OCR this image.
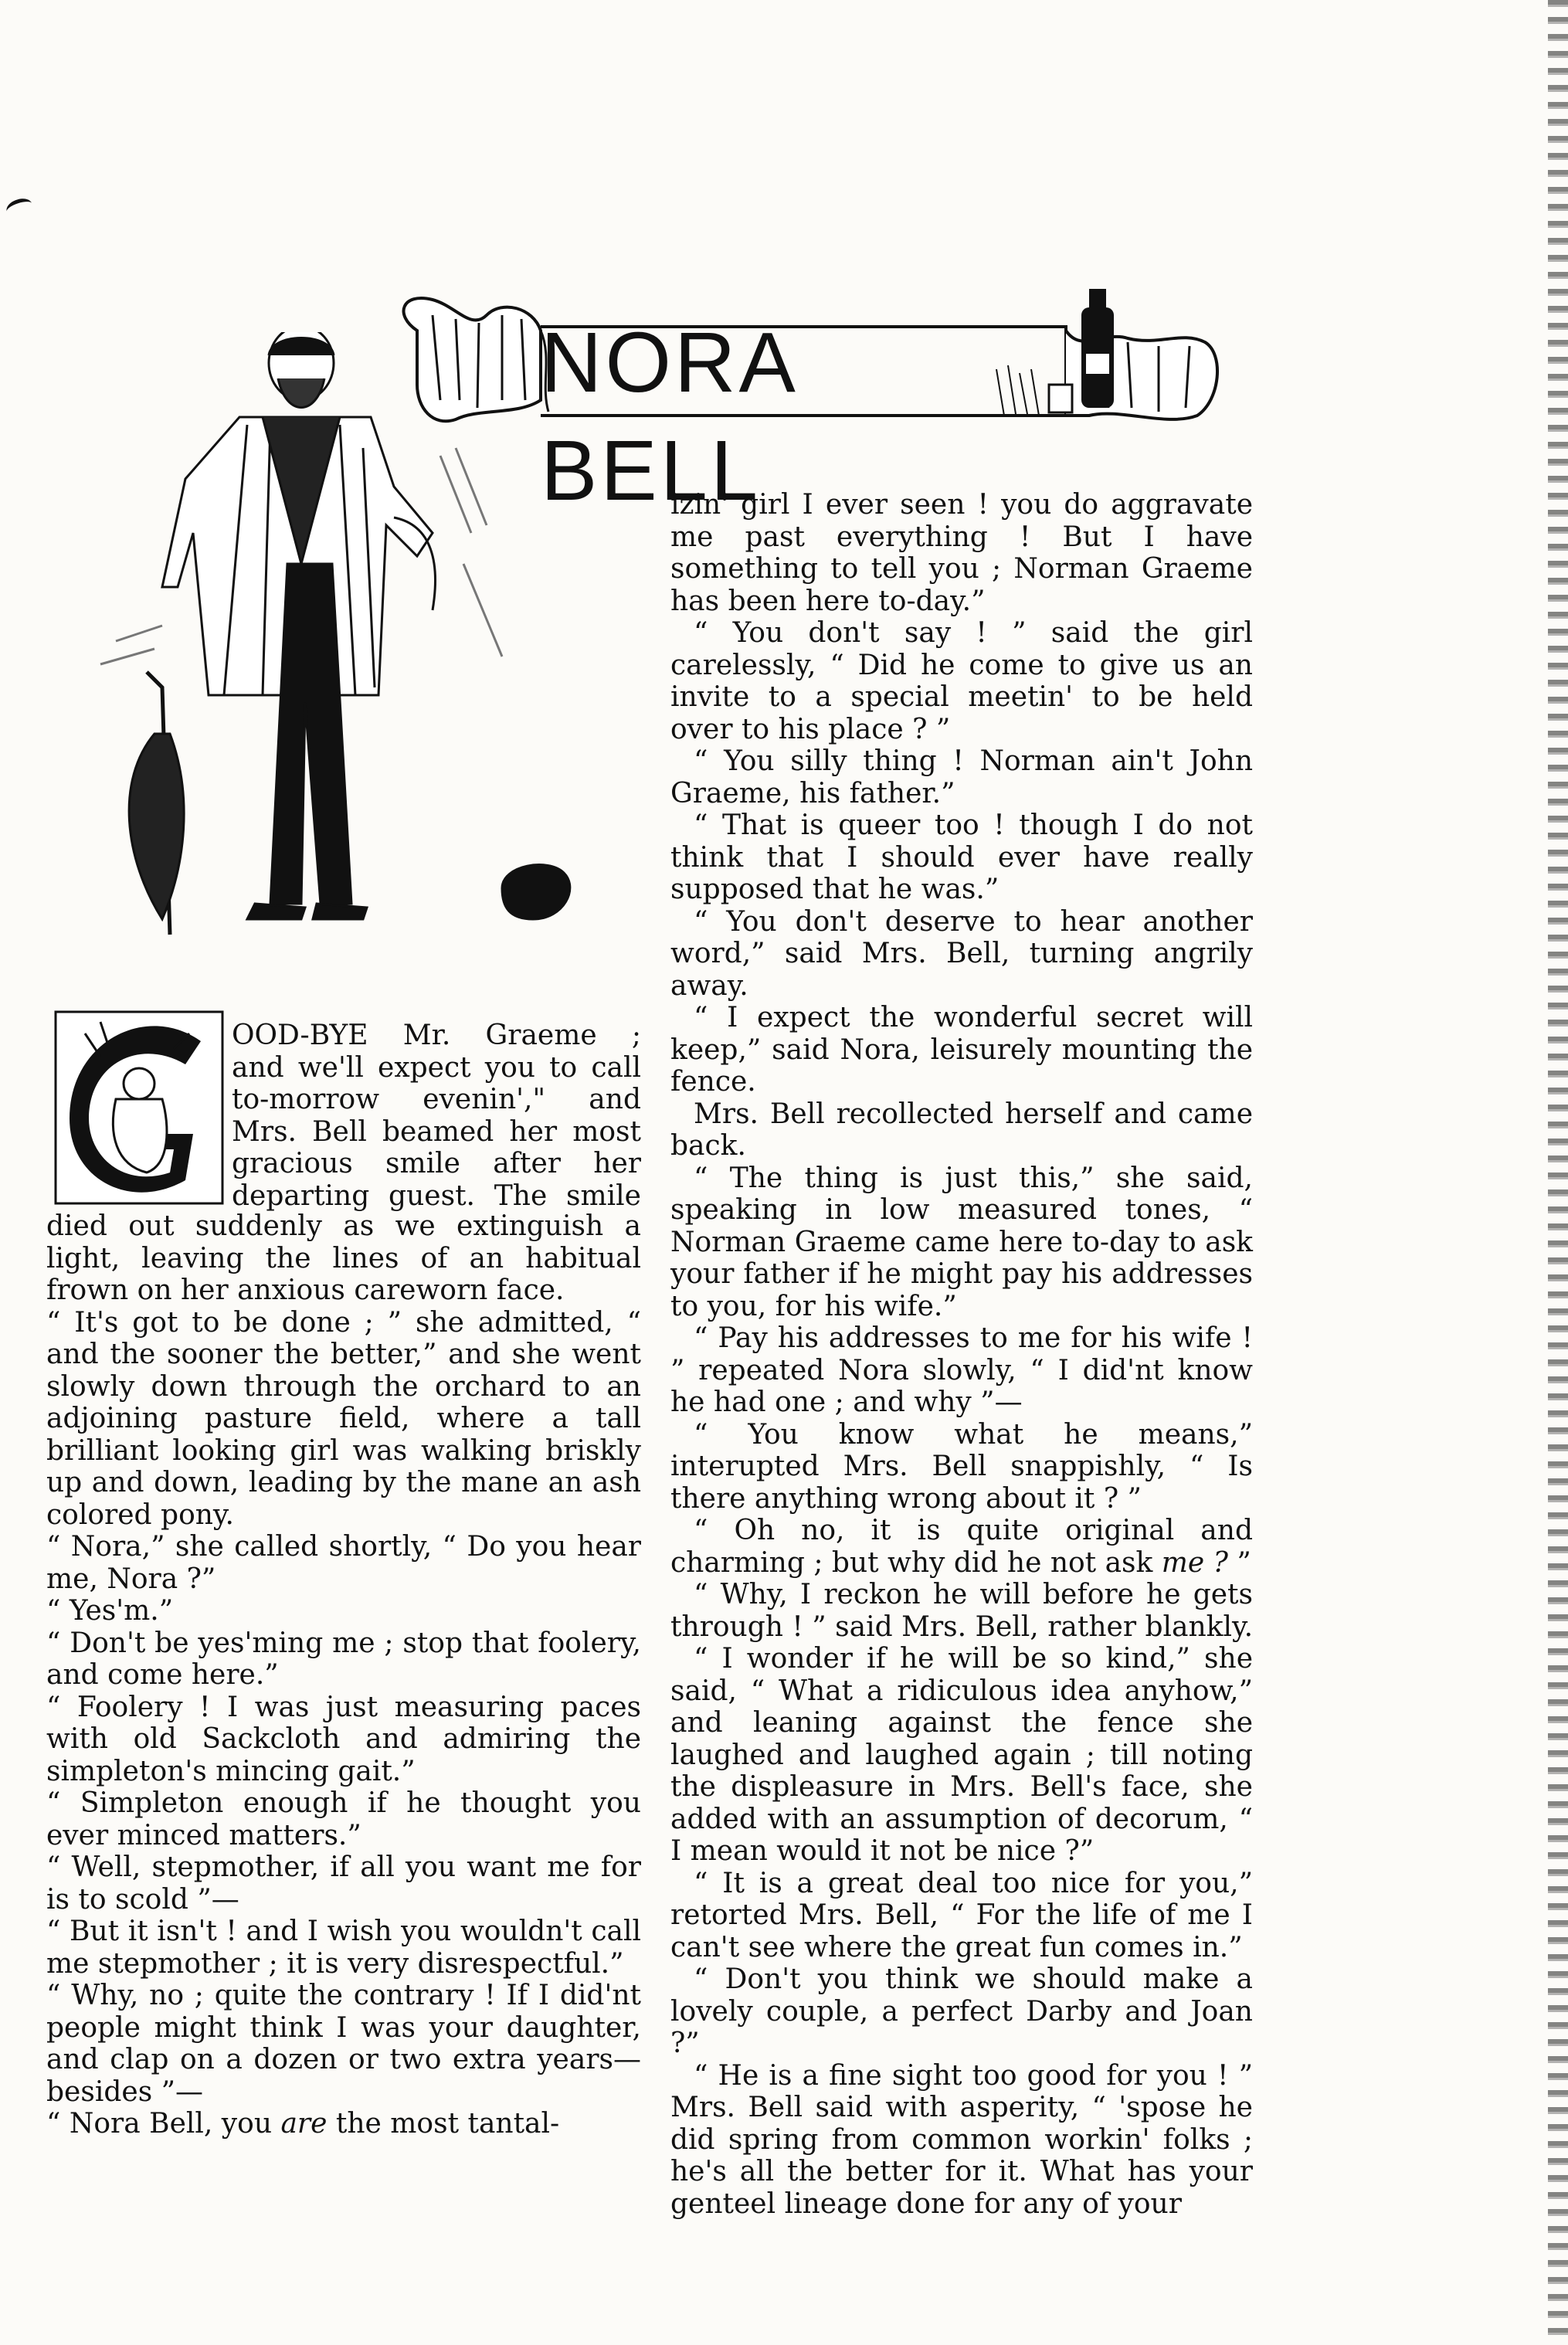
NORA BELL
OOD-BYE Mr. Graeme ;
and we'll expect you to call
to-morrow evenin'," and
Mrs. Bell beamed her most
gracious smile after her
departing guest. The smile

died out suddenly as we extinguish a light, leaving the lines of an habitual frown on her anxious careworn face.

“ It's got to be done ; ” she admitted, “ and the sooner the better,” and she went slowly down through the orchard to an adjoining pasture field, where a tall brilliant looking girl was walking briskly up and down, leading by the mane an ash colored pony.

“ Nora,” she called shortly, “ Do you hear me, Nora ?”

“ Yes'm.”

“ Don't be yes'ming me ; stop that foolery, and come here.”

“ Foolery ! I was just measuring paces with old Sackcloth and admiring the simpleton's mincing gait.”

“ Simpleton enough if he thought you ever minced matters.”

“ Well, stepmother, if all you want me for is to scold ”—

“ But it isn't ! and I wish you wouldn't call me stepmother ; it is very disrespectful.”

“ Why, no ; quite the contrary ! If I did'nt people might think I was your daughter, and clap on a dozen or two extra years—besides ”—

“ Nora Bell, you are the most tantal-

izin' girl I ever seen ! you do aggravate me past everything ! But I have something to tell you ; Norman Graeme has been here to-day.”

“ You don't say ! ” said the girl carelessly, “ Did he come to give us an invite to a special meetin' to be held over to his place ? ”

“ You silly thing ! Norman ain't John Graeme, his father.”

“ That is queer too ! though I do not think that I should ever have really supposed that he was.”

“ You don't deserve to hear another word,” said Mrs. Bell, turning angrily away.

“ I expect the wonderful secret will keep,” said Nora, leisurely mounting the fence.

Mrs. Bell recollected herself and came back.

“ The thing is just this,” she said, speaking in low measured tones, “ Norman Graeme came here to-day to ask your father if he might pay his addresses to you, for his wife.”

“ Pay his addresses to me for his wife ! ” repeated Nora slowly, “ I did'nt know he had one ; and why ”—

“ You know what he means,” interupted Mrs. Bell snappishly, “ Is there anything wrong about it ? ”

“ Oh no, it is quite original and charming ; but why did he not ask me ? ”

“ Why, I reckon he will before he gets through ! ” said Mrs. Bell, rather blankly.

“ I wonder if he will be so kind,” she said, “ What a ridiculous idea anyhow,” and leaning against the fence she laughed and laughed again ; till noting the displeasure in Mrs. Bell's face, she added with an assumption of decorum, “ I mean would it not be nice ?”

“ It is a great deal too nice for you,” retorted Mrs. Bell, “ For the life of me I can't see where the great fun comes in.”

“ Don't you think we should make a lovely couple, a perfect Darby and Joan ?”

“ He is a fine sight too good for you ! ” Mrs. Bell said with asperity, “ 'spose he did spring from common workin' folks ; he's all the better for it. What has your genteel lineage done for any of your
